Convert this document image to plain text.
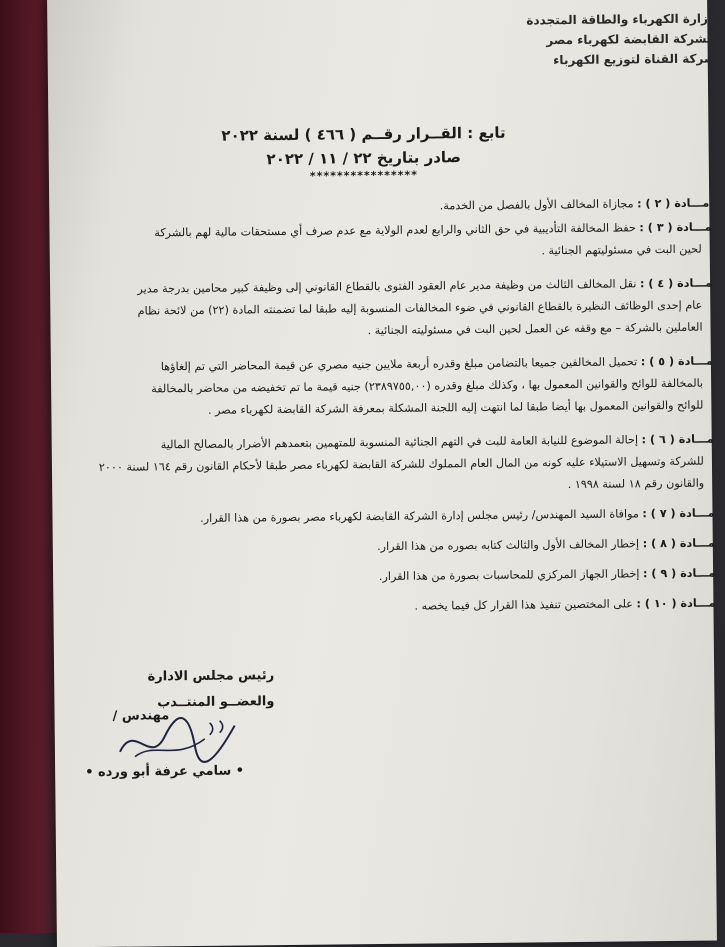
وزارة الكهرباء والطاقة المتجددة
الشركة القابضة لكهرباء مصر
شركة القناة لتوزيع الكهرباء
تابع : القــرار رقــم ( ٤٦٦ ) لسنة ٢٠٢٢
صادر بتاريخ ٢٢ / ١١ / ٢٠٢٢
****************
مـــادة ( ٢ ) : مجازاة المخالف الأول بالفصل من الخدمة.
مـــادة ( ٣ ) : حفظ المخالفة التأديبية في حق الثاني والرابع لعدم الولاية مع عدم صرف أي مستحقات مالية لهم بالشركة
لحين البت في مسئوليتهم الجنائية .
مـــادة ( ٤ ) : نقل المخالف الثالث من وظيفة مدير عام العقود الفتوى بالقطاع القانوني إلى وظيفة كبير محامين بدرجة مدير
عام إحدى الوظائف النظيرة بالقطاع القانوني في ضوء المخالفات المنسوبة إليه طبقا لما تضمنته المادة (٢٢) من لائحة نظام
العاملين بالشركة – مع وقفه عن العمل لحين البت في مسئوليته الجنائية .
مـــادة ( ٥ ) : تحميل المخالفين جميعا بالتضامن مبلغ وقدره أربعة ملايين جنيه مصري عن قيمة المحاضر التي تم إلغاؤها
بالمخالفة للوائح والقوانين المعمول بها ، وكذلك مبلغ وقدره (٢٣٨٩٧٥٥,٠٠) جنيه قيمة ما تم تخفيضه من محاضر بالمخالفة
للوائح والقوانين المعمول بها أيضا طبقا لما انتهت إليه اللجنة المشكلة بمعرفة الشركة القابضة لكهرباء مصر .
مـــادة ( ٦ ) : إحالة الموضوع للنيابة العامة للبت في التهم الجنائية المنسوبة للمتهمين بتعمدهم الأضرار بالمصالح المالية
للشركة وتسهيل الاستيلاء عليه كونه من المال العام المملوك للشركة القابضة لكهرباء مصر طبقا لأحكام القانون رقم ١٦٤ لسنة ٢٠٠٠
والقانون رقم ١٨ لسنة ١٩٩٨ .
مـــادة ( ٧ ) : موافاة السيد المهندس/ رئيس مجلس إدارة الشركة القابضة لكهرباء مصر بصورة من هذا القرار.
مـــادة ( ٨ ) : إخطار المخالف الأول والثالث كتابه بصوره من هذا القرار.
مـــادة ( ٩ ) : إخطار الجهاز المركزي للمحاسبات بصورة من هذا القرار.
مـــادة ( ١٠ ) : على المختصين تنفيذ هذا القرار كل فيما يخصه .
رئيس مجلس الادارة
والعضــو المنتــدب
مهندس /
• سامي عرفة أبو ورده •
